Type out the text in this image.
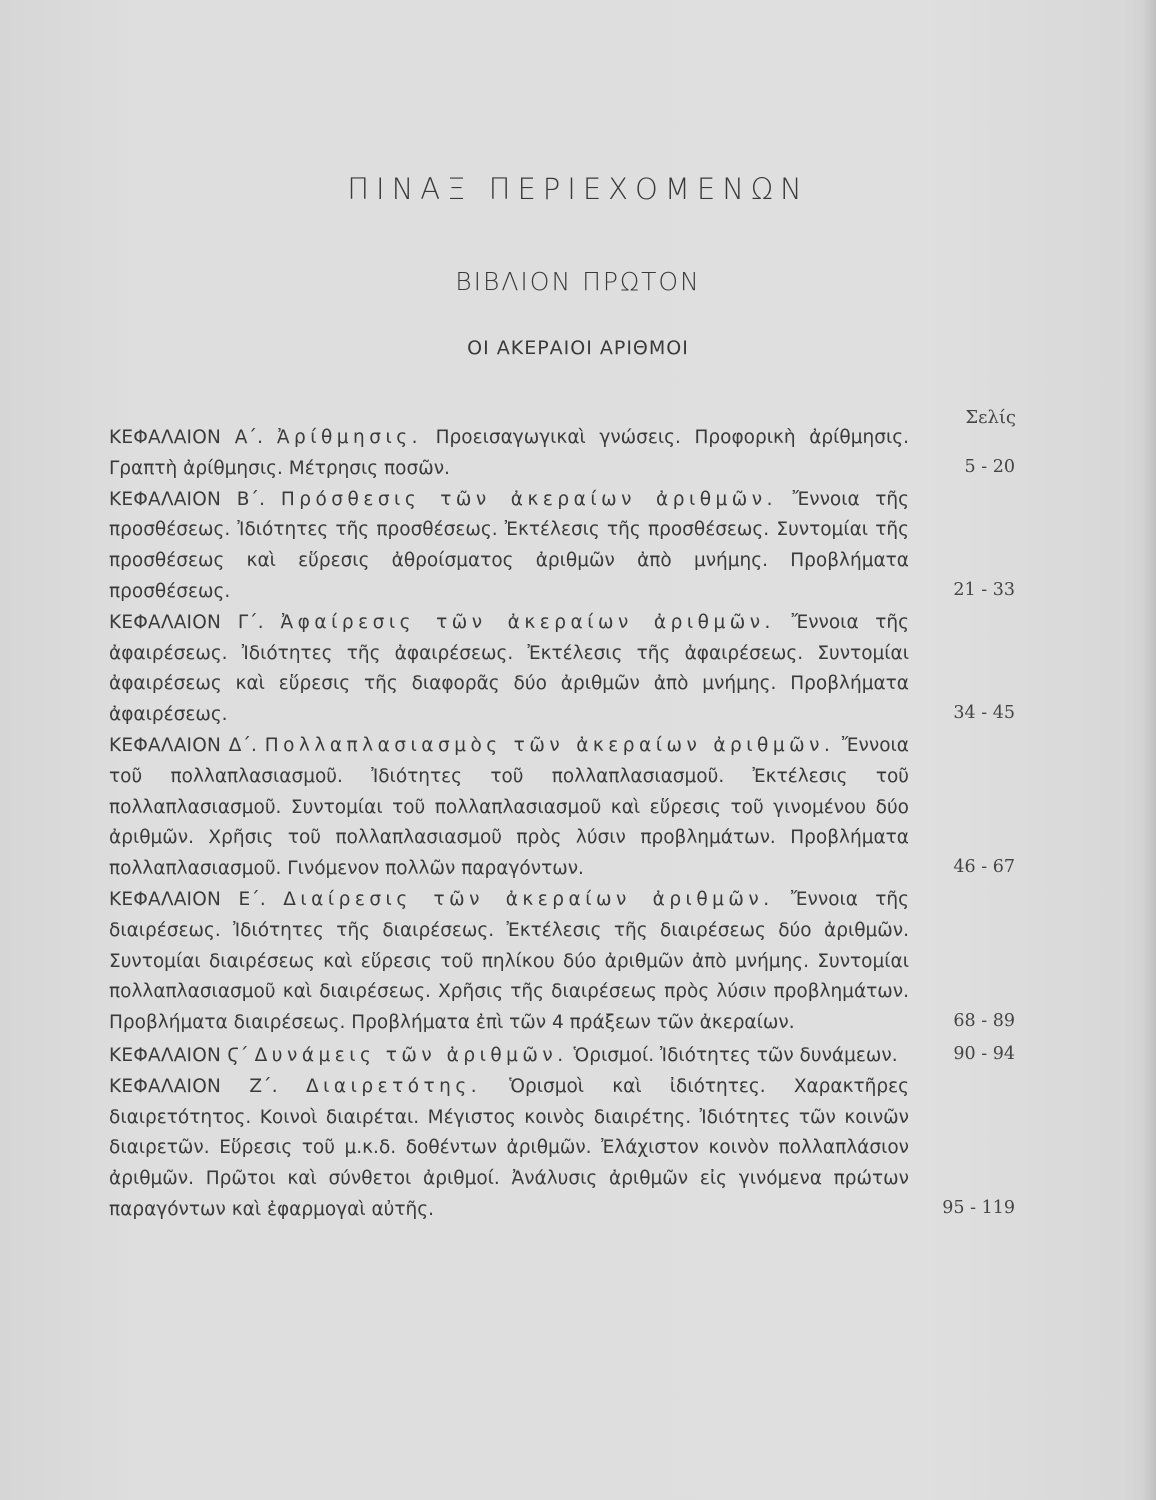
ΠΙΝΑΞ ΠΕΡΙΕΧΟΜΕΝΩΝ
ΒΙΒΛΙΟΝ ΠΡΩΤΟΝ
ΟΙ ΑΚΕΡΑΙΟΙ ΑΡΙΘΜΟΙ
Σελίς
ΚΕΦΑΛΑΙΟΝ Α΄. Ἀρίθμησις. Προεισαγωγικαὶ γνώσεις. Προφορικὴ ἀρίθμησις. Γραπτὴ ἀρίθμησις. Μέτρησις ποσῶν.	5 - 20
ΚΕΦΑΛΑΙΟΝ Β΄. Πρόσθεσις τῶν ἀκεραίων ἀριθμῶν. Ἔννοια τῆς προσθέσεως. Ἰδιότητες τῆς προσθέσεως. Ἐκτέλεσις τῆς προσθέσεως. Συντομίαι τῆς προσθέσεως καὶ εὕρεσις ἀθροίσματος ἀριθμῶν ἀπὸ μνήμης. Προβλήματα προσθέσεως.	21 - 33
ΚΕΦΑΛΑΙΟΝ Γ΄. Ἀφαίρεσις τῶν ἀκεραίων ἀριθμῶν. Ἔννοια τῆς ἀφαιρέσεως. Ἰδιότητες τῆς ἀφαιρέσεως. Ἐκτέλεσις τῆς ἀφαιρέσεως. Συντομίαι ἀφαιρέσεως καὶ εὕρεσις τῆς διαφορᾶς δύο ἀριθμῶν ἀπὸ μνήμης. Προβλήματα ἀφαιρέσεως.	34 - 45
ΚΕΦΑΛΑΙΟΝ Δ΄. Πολλαπλασιασμὸς τῶν ἀκεραίων ἀριθμῶν. Ἔννοια τοῦ πολλαπλασιασμοῦ. Ἰδιότητες τοῦ πολλαπλασιασμοῦ. Ἐκτέλεσις τοῦ πολλαπλασιασμοῦ. Συντομίαι τοῦ πολλαπλασιασμοῦ καὶ εὕρεσις τοῦ γινομένου δύο ἀριθμῶν. Χρῆσις τοῦ πολλαπλασιασμοῦ πρὸς λύσιν προβλημάτων. Προβλήματα πολλαπλασιασμοῦ. Γινόμενον πολλῶν παραγόντων.	46 - 67
ΚΕΦΑΛΑΙΟΝ Ε΄. Διαίρεσις τῶν ἀκεραίων ἀριθμῶν. Ἔννοια τῆς διαιρέσεως. Ἰδιότητες τῆς διαιρέσεως. Ἐκτέλεσις τῆς διαιρέσεως δύο ἀριθμῶν. Συντομίαι διαιρέσεως καὶ εὕρεσις τοῦ πηλίκου δύο ἀριθμῶν ἀπὸ μνήμης. Συντομίαι πολλαπλασιασμοῦ καὶ διαιρέσεως. Χρῆσις τῆς διαιρέσεως πρὸς λύσιν προβλημάτων. Προβλήματα διαιρέσεως. Προβλήματα ἐπὶ τῶν 4 πράξεων τῶν ἀκεραίων.	68 - 89
ΚΕΦΑΛΑΙΟΝ Ϛ΄ Δυνάμεις τῶν ἀριθμῶν. Ὁρισμοί. Ἰδιότητες τῶν δυνάμεων.	90 - 94
ΚΕΦΑΛΑΙΟΝ Ζ΄. Διαιρετότης. Ὁρισμοὶ καὶ ἰδιότητες. Χαρακτῆρες διαιρετότητος. Κοινοὶ διαιρέται. Μέγιστος κοινὸς διαιρέτης. Ἰδιότητες τῶν κοινῶν διαιρετῶν. Εὕρεσις τοῦ μ.κ.δ. δοθέντων ἀριθμῶν. Ἐλάχιστον κοινὸν πολλαπλάσιον ἀριθμῶν. Πρῶτοι καὶ σύνθετοι ἀριθμοί. Ἀνάλυσις ἀριθμῶν εἰς γινόμενα πρώτων παραγόντων καὶ ἐφαρμογαὶ αὐτῆς.	95 - 119
